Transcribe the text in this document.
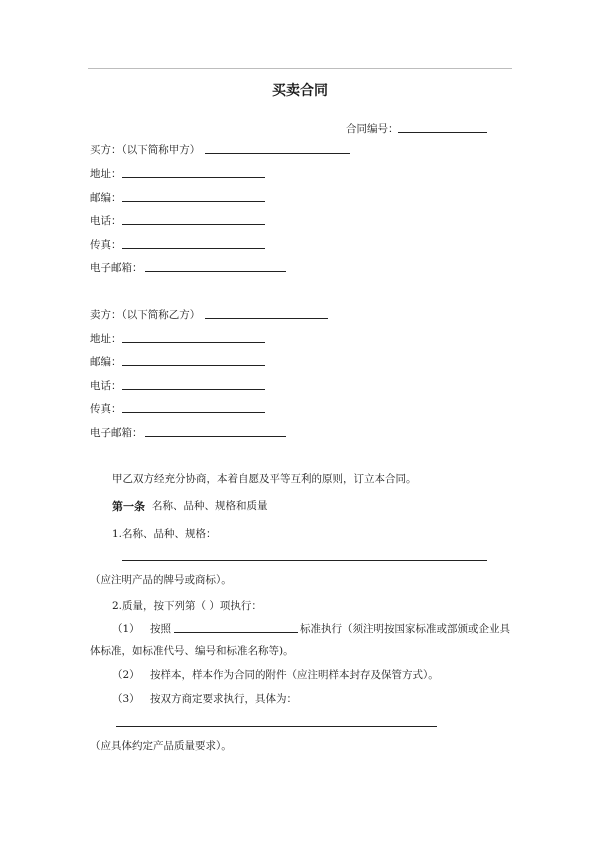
买卖合同
合同编号：
买方：（以下简称甲方）
地址：
邮编：
电话：
传真：
电子邮箱：
卖方：（以下简称乙方）
地址：
邮编：
电话：
传真：
电子邮箱：
甲乙双方经充分协商，本着自愿及平等互利的原则，订立本合同。
第一条 名称、品种、规格和质量
1.名称、品种、规格：
（应注明产品的牌号或商标）。
2.质量，按下列第（ ）项执行：
（1） 按照	标准执行（须注明按国家标准或部颁或企业具
体标准，如标准代号、编号和标准名称等)。
（2） 按样本，样本作为合同的附件（应注明样本封存及保管方式）。
（3） 按双方商定要求执行，具体为：
（应具体约定产品质量要求）。
